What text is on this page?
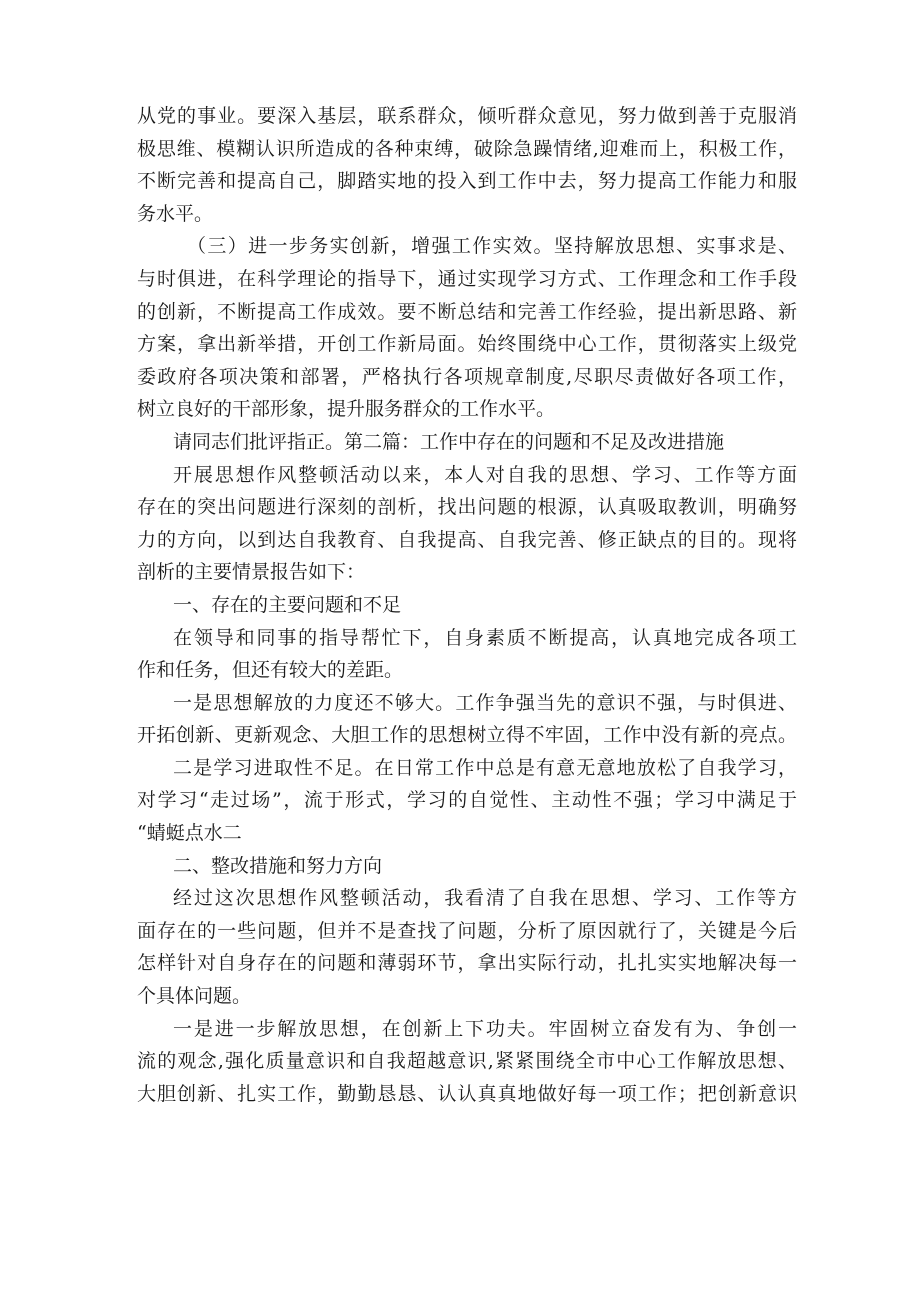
从党的事业。要深入基层，联系群众，倾听群众意见，努力做到善于克服消
极思维、模糊认识所造成的各种束缚，破除急躁情绪,迎难而上，积极工作，
不断完善和提高自己，脚踏实地的投入到工作中去，努力提高工作能力和服
务水平。
（三）进一步务实创新，增强工作实效。坚持解放思想、实事求是、
与时俱进，在科学理论的指导下，通过实现学习方式、工作理念和工作手段
的创新，不断提高工作成效。要不断总结和完善工作经验，提出新思路、新
方案，拿出新举措，开创工作新局面。始终围绕中心工作，贯彻落实上级党
委政府各项决策和部署，严格执行各项规章制度,尽职尽责做好各项工作，
树立良好的干部形象，提升服务群众的工作水平。
请同志们批评指正。第二篇：工作中存在的问题和不足及改进措施
开展思想作风整顿活动以来，本人对自我的思想、学习、工作等方面
存在的突出问题进行深刻的剖析，找出问题的根源，认真吸取教训，明确努
力的方向，以到达自我教育、自我提高、自我完善、修正缺点的目的。现将
剖析的主要情景报告如下：
一、存在的主要问题和不足
在领导和同事的指导帮忙下，自身素质不断提高，认真地完成各项工
作和任务，但还有较大的差距。
一是思想解放的力度还不够大。工作争强当先的意识不强，与时俱进、
开拓创新、更新观念、大胆工作的思想树立得不牢固，工作中没有新的亮点。
二是学习进取性不足。在日常工作中总是有意无意地放松了自我学习，
对学习“走过场”，流于形式，学习的自觉性、主动性不强；学习中满足于
“蜻蜓点水二
二、整改措施和努力方向
经过这次思想作风整顿活动，我看清了自我在思想、学习、工作等方
面存在的一些问题，但并不是查找了问题，分析了原因就行了，关键是今后
怎样针对自身存在的问题和薄弱环节，拿出实际行动，扎扎实实地解决每一
个具体问题。
一是进一步解放思想，在创新上下功夫。牢固树立奋发有为、争创一
流的观念,强化质量意识和自我超越意识,紧紧围绕全市中心工作解放思想、
大胆创新、扎实工作，勤勤恳恳、认认真真地做好每一项工作；把创新意识
